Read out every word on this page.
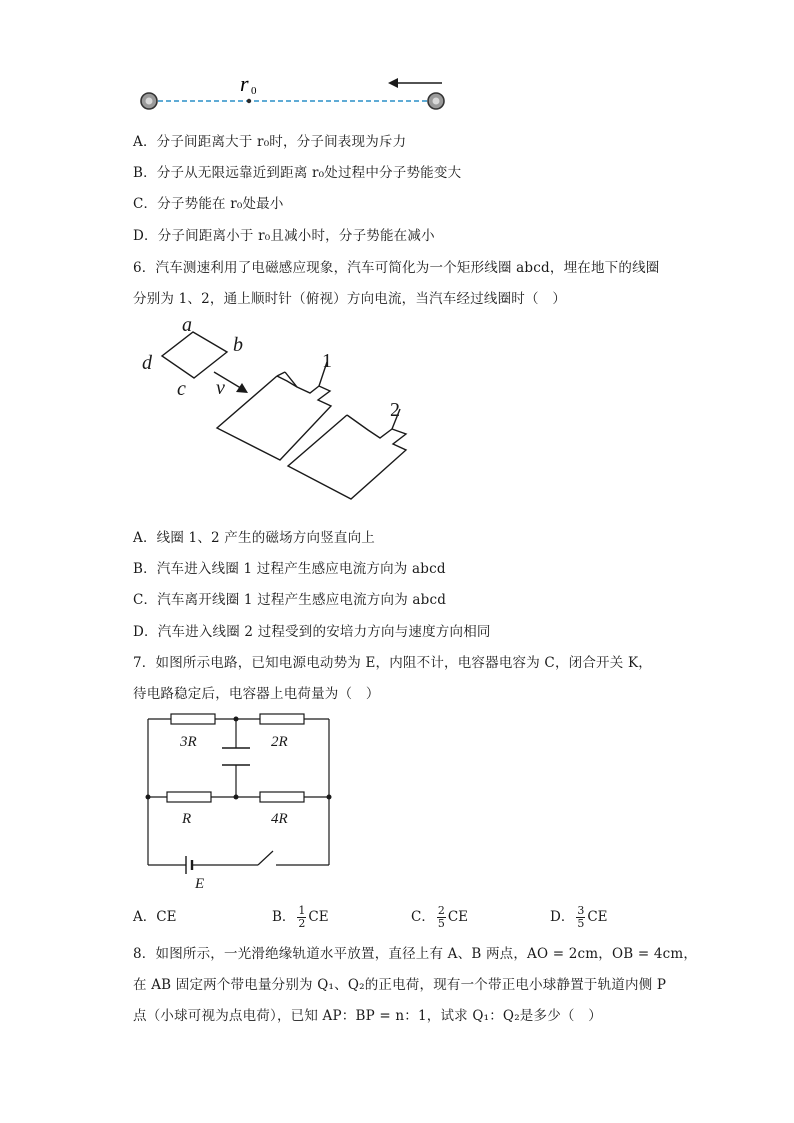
r 0
A．分子间距离大于 r₀时，分子间表现为斥力
B．分子从无限远靠近到距离 r₀处过程中分子势能变大
C．分子势能在 r₀处最小
D．分子间距离小于 r₀且减小时，分子势能在减小
6．汽车测速利用了电磁感应现象，汽车可简化为一个矩形线圈 abcd，埋在地下的线圈
分别为 1、2，通上顺时针（俯视）方向电流，当汽车经过线圈时（　）
a
b
c
d
v
1
2
A．线圈 1、2 产生的磁场方向竖直向上
B．汽车进入线圈 1 过程产生感应电流方向为 abcd
C．汽车离开线圈 1 过程产生感应电流方向为 abcd
D．汽车进入线圈 2 过程受到的安培力方向与速度方向相同
7．如图所示电路，已知电源电动势为 E，内阻不计，电容器电容为 C，闭合开关 K，
待电路稳定后，电容器上电荷量为（　）
3R	2R
R	4R
E
A．CE	B． $\frac{1}{2}$ CE	C． $\frac{2}{5}$ CE	D． $\frac{3}{5}$ CE
8．如图所示，一光滑绝缘轨道水平放置，直径上有 A、B 两点，AO = 2cm，OB = 4cm，
在 AB 固定两个带电量分别为 Q₁、Q₂的正电荷，现有一个带正电小球静置于轨道内侧 P
点（小球可视为点电荷），已知 AP：BP = n：1，试求 Q₁：Q₂是多少（　）
